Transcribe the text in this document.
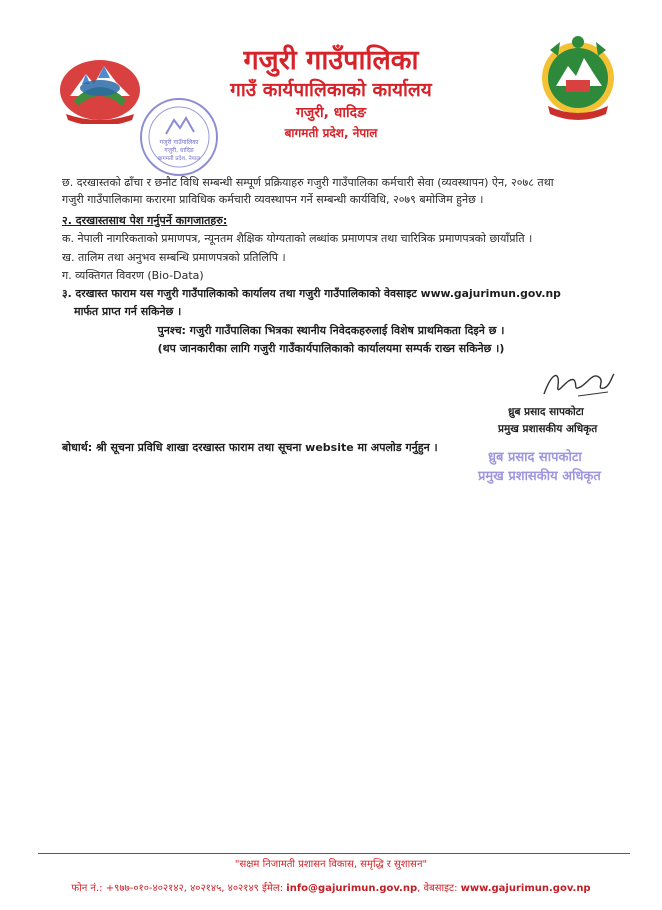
गजुरी गाउँपालिका
गाउँ कार्यपालिकाको कार्यालय
गजुरी, धादिङ
बागमती प्रदेश, नेपाल
गजुरी गाउँपालिका
गजुरी, धादिङ
बागमती प्रदेश, नेपाल
छ. दरखास्तको ढाँचा र छनौट विधि सम्बन्धी सम्पूर्ण प्रक्रियाहरु गजुरी गाउँपालिका कर्मचारी सेवा (व्यवस्थापन) ऐन, २०७८ तथा
गजुरी गाउँपालिकामा करारमा प्राविधिक कर्मचारी व्यवस्थापन गर्ने सम्बन्धी कार्यविधि, २०७९ बमोजिम हुनेछ ।
२. दरखास्तसाथ पेश गर्नुपर्ने कागजातहरु:
क. नेपाली नागरिकताको प्रमाणपत्र, न्यूनतम शैक्षिक योग्यताको लब्धांक प्रमाणपत्र तथा चारित्रिक प्रमाणपत्रको छायाँप्रति ।
ख. तालिम तथा अनुभव सम्बन्धि प्रमाणपत्रको प्रतिलिपि ।
ग. व्यक्तिगत विवरण (Bio-Data)
३. दरखास्त फाराम यस गजुरी गाउँपालिकाको कार्यालय तथा गजुरी गाउँपालिकाको वेवसाइट www.gajurimun.gov.np
मार्फत प्राप्त गर्न सकिनेछ ।
पुनश्च: गजुरी गाउँपालिका भित्रका स्थानीय निवेदकहरुलाई विशेष प्राथमिकता दिइने छ ।
(थप जानकारीका लागि गजुरी गाउँकार्यपालिकाको कार्यालयमा सम्पर्क राख्न सकिनेछ ।)
ध्रुब प्रसाद सापकोटा
प्रमुख प्रशासकीय अधिकृत
बोधार्थ: श्री सूचना प्रविधि शाखा दरखास्त फाराम तथा सूचना website मा अपलोड गर्नुहुन ।
ध्रुब प्रसाद सापकोटा
प्रमुख प्रशासकीय अधिकृत
"सक्षम निजामती प्रशासन विकास, समृद्धि र सुशासन"
फोन नं.: +९७७-०१०-४०२१४२, ४०२१४५, ४०२१४९ ईमेल: info@gajurimun.gov.np, वेबसाइट: www.gajurimun.gov.np
